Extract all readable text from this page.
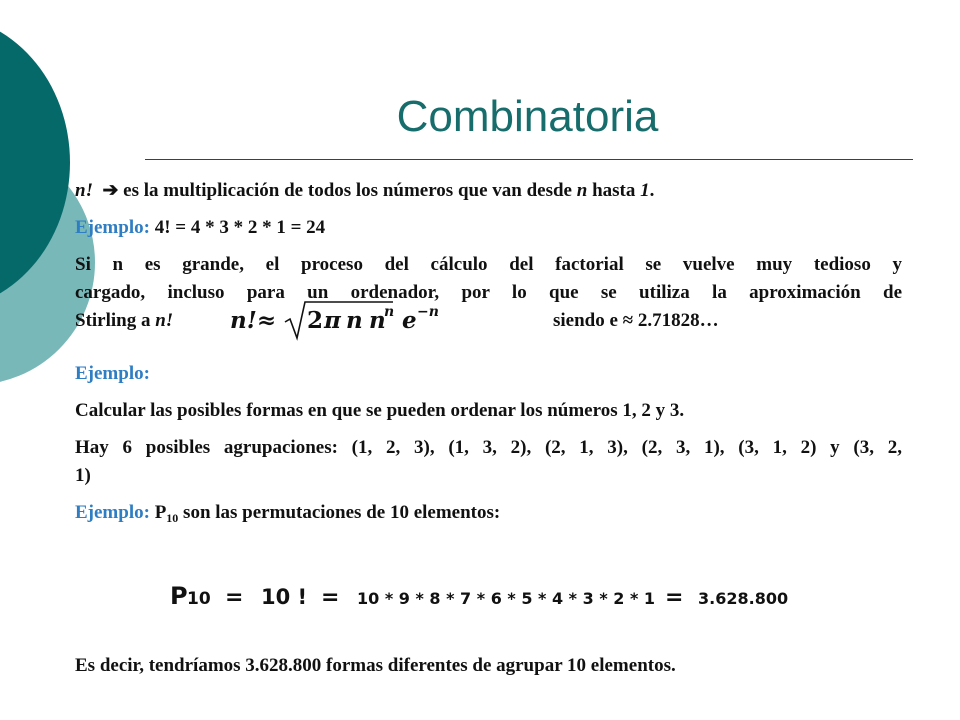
Combinatoria
n! ➔ es la multiplicación de todos los números que van desde n hasta 1.
Ejemplo: 4! = 4 * 3 * 2 * 1 = 24
Si n es grande, el proceso del cálculo del factorial se vuelve muy tedioso y
cargado, incluso para un ordenador, por lo que se utiliza la aproximación de
Stirling a n! n!≈ 2 π n n
n e −n	siendo e ≈ 2.71828…
Ejemplo:
Calcular las posibles formas en que se pueden ordenar los números 1, 2 y 3.
Hay 6 posibles agrupaciones: (1, 2, 3), (1, 3, 2), (2, 1, 3), (2, 3, 1), (3, 1, 2) y (3, 2,
1)
Ejemplo: $P_{10}$ son las permutaciones de 10 elementos:
P 10 = 10 ! = 10 * 9 * 8 * 7 * 6 * 5 * 4 * 3 * 2 * 1 = 3.628.800
Es decir, tendríamos 3.628.800 formas diferentes de agrupar 10 elementos.
